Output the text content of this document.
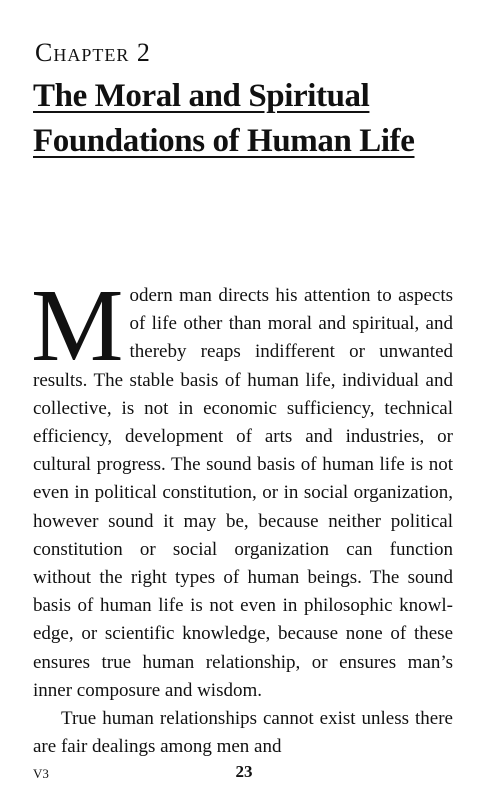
Chapter 2
The Moral and Spiritual
Foundations of Human Life

Modern man directs his attention to aspects of life other than moral and spiritual, and thereby reaps indifferent or unwanted results. The stable basis of human life, individual and collective, is not in economic sufficiency, technical efficiency, development of arts and industries, or cultural progress. The sound basis of human life is not even in political constitution, or in social organization, however sound it may be, because neither political constitution or social organization can function without the right types of human beings. The sound basis of human life is not even in philosophic knowledge, or scientific knowledge, because none of these ensures true human relationship, or ensures man’s inner composure and wisdom.

True human relationships cannot exist unless there are fair dealings among men and

V3	23
